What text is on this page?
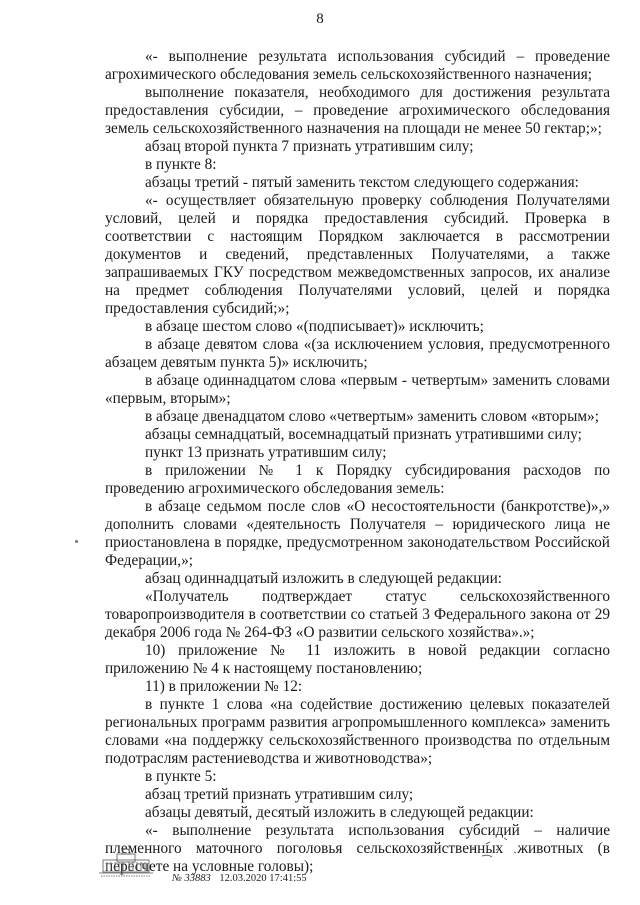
8

«- выполнение результата использования субсидий – проведение агрохимического обследования земель сельскохозяйственного назначения;

выполнение показателя, необходимого для достижения результата предоставления субсидии, – проведение агрохимического обследования земель сельскохозяйственного назначения на площади не менее 50 гектар;»;

абзац второй пункта 7 признать утратившим силу;

в пункте 8:

абзацы третий - пятый заменить текстом следующего содержания:

«- осуществляет обязательную проверку соблюдения Получателями условий, целей и порядка предоставления субсидий. Проверка в соответствии с настоящим Порядком заключается в рассмотрении документов и сведений, представленных Получателями, а также запрашиваемых ГКУ посредством межведомственных запросов, их анализе на предмет соблюдения Получателями условий, целей и порядка предоставления субсидий;»;

в абзаце шестом слово «(подписывает)» исключить;

в абзаце девятом слова «(за исключением условия, предусмотренного абзацем девятым пункта 5)» исключить;

в абзаце одиннадцатом слова «первым - четвертым» заменить словами «первым, вторым»;

в абзаце двенадцатом слово «четвертым» заменить словом «вторым»;

абзацы семнадцатый, восемнадцатый признать утратившими силу;

пункт 13 признать утратившим силу;

в приложении № 1 к Порядку субсидирования расходов по проведению агрохимического обследования земель:

в абзаце седьмом после слов «О несостоятельности (банкротстве)»,» дополнить словами «деятельность Получателя – юридического лица не приостановлена в порядке, предусмотренном законодательством Российской Федерации,»;

абзац одиннадцатый изложить в следующей редакции:

«Получатель подтверждает статус сельскохозяйственного товаропроизводителя в соответствии со статьей 3 Федерального закона от 29 декабря 2006 года № 264-ФЗ «О развитии сельского хозяйства».»;

10) приложение № 11 изложить в новой редакции согласно приложению № 4 к настоящему постановлению;

11) в приложении № 12:

в пункте 1 слова «на содействие достижению целевых показателей региональных программ развития агропромышленного комплекса» заменить словами «на поддержку сельскохозяйственного производства по отдельным подотраслям растениеводства и животноводства»;

в пункте 5:

абзац третий признать утратившим силу;

абзацы девятый, десятый изложить в следующей редакции:

«- выполнение результата использования субсидий – наличие племенного маточного поголовья сельскохозяйственных животных (в пересчете на условные головы);

№ 33883 12.03.2020 17:41:55
